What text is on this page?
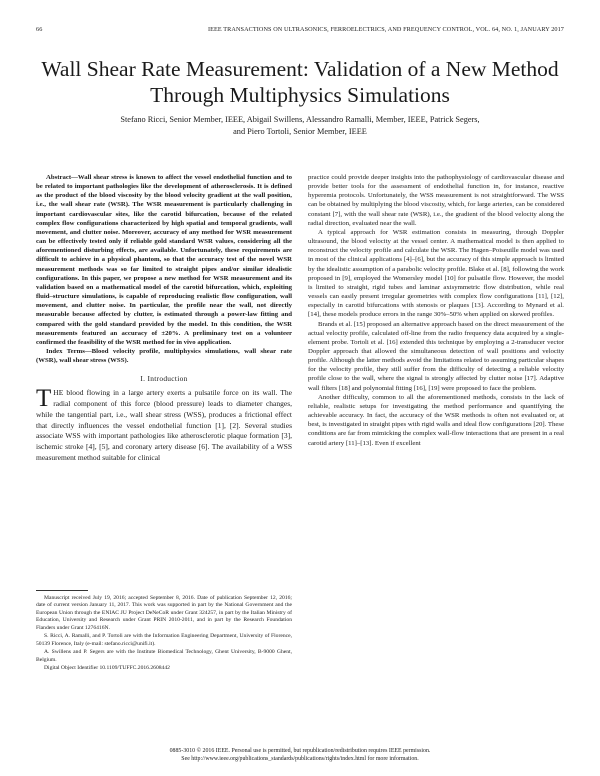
66	IEEE TRANSACTIONS ON ULTRASONICS, FERROELECTRICS, AND FREQUENCY CONTROL, VOL. 64, NO. 1, JANUARY 2017
Wall Shear Rate Measurement: Validation of a New Method Through Multiphysics Simulations
Stefano Ricci, Senior Member, IEEE, Abigail Swillens, Alessandro Ramalli, Member, IEEE, Patrick Segers,
and Piero Tortoli, Senior Member, IEEE

Abstract—Wall shear stress is known to affect the vessel endothelial function and to be related to important pathologies like the development of atherosclerosis. It is defined as the product of the blood viscosity by the blood velocity gradient at the wall position, i.e., the wall shear rate (WSR). The WSR measurement is particularly challenging in important cardiovascular sites, like the carotid bifurcation, because of the related complex flow configurations characterized by high spatial and temporal gradients, wall movement, and clutter noise. Moreover, accuracy of any method for WSR measurement can be effectively tested only if reliable gold standard WSR values, considering all the aforementioned disturbing effects, are available. Unfortunately, these requirements are difficult to achieve in a physical phantom, so that the accuracy test of the novel WSR measurement methods was so far limited to straight pipes and/or similar idealistic configurations. In this paper, we propose a new method for WSR measurement and its validation based on a mathematical model of the carotid bifurcation, which, exploiting fluid–structure simulations, is capable of reproducing realistic flow configuration, wall movement, and clutter noise. In particular, the profile near the wall, not directly measurable because affected by clutter, is estimated through a power-law fitting and compared with the gold standard provided by the model. In this condition, the WSR measurements featured an accuracy of ±20%. A preliminary test on a volunteer confirmed the feasibility of the WSR method for in vivo application.

Index Terms—Blood velocity profile, multiphysics simulations, wall shear rate (WSR), wall shear stress (WSS).

I. Introduction

THE blood flowing in a large artery exerts a pulsatile force on its wall. The radial component of this force (blood pressure) leads to diameter changes, while the tangential part, i.e., wall shear stress (WSS), produces a frictional effect that directly influences the vessel endothelial function [1], [2]. Several studies associate WSS with important pathologies like atherosclerotic plaque formation [3], ischemic stroke [4], [5], and coronary artery disease [6]. The availability of a WSS measurement method suitable for clinical

Manuscript received July 19, 2016; accepted September 8, 2016. Date of publication September 12, 2016; date of current version January 11, 2017. This work was supported in part by the National Government and the European Union through the ENIAC JU Project DeNeCoR under Grant 324257, in part by the Italian Ministry of Education, University and Research under Grant PRIN 2010-2011, and in part by the Research Foundation Flanders under Grant 1276416N.

S. Ricci, A. Ramalli, and P. Tortoli are with the Information Engineering Department, University of Florence, 50139 Florence, Italy (e-mail: stefano.ricci@unifi.it).

A. Swillens and P. Segers are with the Institute Biomedical Technology, Ghent University, B-9000 Ghent, Belgium.

Digital Object Identifier 10.1109/TUFFC.2016.2608442

practice could provide deeper insights into the pathophysiology of cardiovascular disease and provide better tools for the assessment of endothelial function in, for instance, reactive hyperemia protocols. Unfortunately, the WSS measurement is not straightforward. The WSS can be obtained by multiplying the blood viscosity, which, for large arteries, can be considered constant [7], with the wall shear rate (WSR), i.e., the gradient of the blood velocity along the radial direction, evaluated near the wall.

A typical approach for WSR estimation consists in measuring, through Doppler ultrasound, the blood velocity at the vessel center. A mathematical model is then applied to reconstruct the velocity profile and calculate the WSR. The Hagen–Poiseuille model was used in most of the clinical applications [4]–[6], but the accuracy of this simple approach is limited by the idealistic assumption of a parabolic velocity profile. Blake et al. [8], following the work proposed in [9], employed the Womersley model [10] for pulsatile flow. However, the model is limited to straight, rigid tubes and laminar axisymmetric flow distribution, while real vessels can easily present irregular geometries with complex flow configurations [11], [12], especially in carotid bifurcations with stenosis or plaques [13]. According to Mynard et al. [14], these models produce errors in the range 30%–50% when applied on skewed profiles.

Brands et al. [15] proposed an alternative approach based on the direct measurement of the actual velocity profile, calculated off-line from the radio frequency data acquired by a single-element probe. Tortoli et al. [16] extended this technique by employing a 2-transducer vector Doppler approach that allowed the simultaneous detection of wall positions and velocity profile. Although the latter methods avoid the limitations related to assuming particular shapes for the velocity profile, they still suffer from the difficulty of detecting a reliable velocity profile close to the wall, where the signal is strongly affected by clutter noise [17]. Adaptive wall filters [18] and polynomial fitting [16], [19] were proposed to face the problem.

Another difficulty, common to all the aforementioned methods, consists in the lack of reliable, realistic setups for investigating the method performance and quantifying the achievable accuracy. In fact, the accuracy of the WSR methods is often not evaluated or, at best, is investigated in straight pipes with rigid walls and ideal flow configurations [20]. These conditions are far from mimicking the complex wall-flow interactions that are present in a real carotid artery [11]–[13]. Even if excellent

0885-3010 © 2016 IEEE. Personal use is permitted, but republication/redistribution requires IEEE permission.
See http://www.ieee.org/publications_standards/publications/rights/index.html for more information.
